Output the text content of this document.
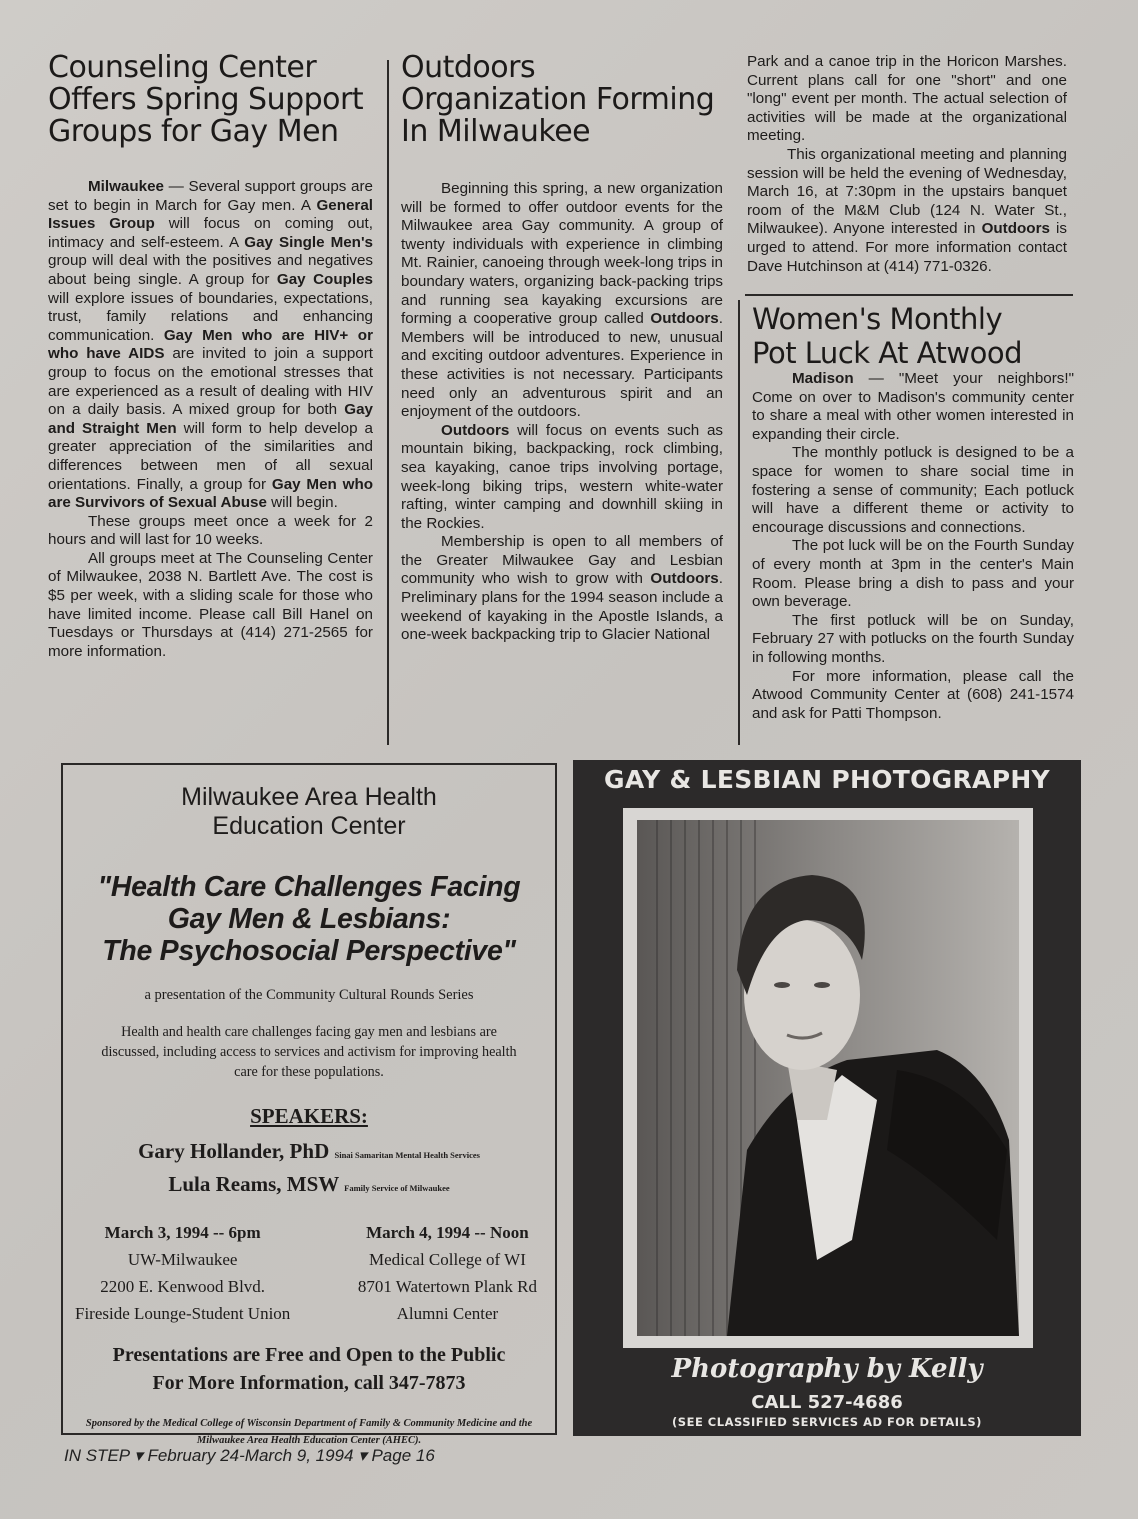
Counseling Center
Offers Spring Support
Groups for Gay Men

Milwaukee — Several support groups are set to begin in March for Gay men. A General Issues Group will focus on coming out, intimacy and self-esteem. A Gay Single Men's group will deal with the positives and negatives about being single. A group for Gay Couples will explore issues of boundaries, expectations, trust, family relations and enhancing communication. Gay Men who are HIV+ or who have AIDS are invited to join a support group to focus on the emotional stresses that are experienced as a result of dealing with HIV on a daily basis. A mixed group for both Gay and Straight Men will form to help develop a greater appreciation of the similarities and differences between men of all sexual orientations. Finally, a group for Gay Men who are Survivors of Sexual Abuse will begin.

These groups meet once a week for 2 hours and will last for 10 weeks.

All groups meet at The Counseling Center of Milwaukee, 2038 N. Bartlett Ave. The cost is $5 per week, with a sliding scale for those who have limited income. Please call Bill Hanel on Tuesdays or Thursdays at (414) 271-2565 for more information.

Outdoors
Organization Forming
In Milwaukee

Beginning this spring, a new organization will be formed to offer outdoor events for the Milwaukee area Gay community. A group of twenty individuals with experience in climbing Mt. Rainier, canoeing through week-long trips in boundary waters, organizing back-packing trips and running sea kayaking excursions are forming a cooperative group called Outdoors. Members will be introduced to new, unusual and exciting outdoor adventures. Experience in these activities is not necessary. Participants need only an adventurous spirit and an enjoyment of the outdoors.

Outdoors will focus on events such as mountain biking, backpacking, rock climbing, sea kayaking, canoe trips involving portage, week-long biking trips, western white-water rafting, winter camping and downhill skiing in the Rockies.

Membership is open to all members of the Greater Milwaukee Gay and Lesbian community who wish to grow with Outdoors. Preliminary plans for the 1994 season include a weekend of kayaking in the Apostle Islands, a one-week backpacking trip to Glacier National

Park and a canoe trip in the Horicon Marshes. Current plans call for one "short" and one "long" event per month. The actual selection of activities will be made at the organizational meeting.

This organizational meeting and planning session will be held the evening of Wednesday, March 16, at 7:30pm in the upstairs banquet room of the M&M Club (124 N. Water St., Milwaukee). Anyone interested in Outdoors is urged to attend. For more information contact Dave Hutchinson at (414) 771-0326.

Women's Monthly
Pot Luck At Atwood

Madison — "Meet your neighbors!" Come on over to Madison's community center to share a meal with other women interested in expanding their circle.

The monthly potluck is designed to be a space for women to share social time in fostering a sense of community; Each potluck will have a different theme or activity to encourage discussions and connections.

The pot luck will be on the Fourth Sunday of every month at 3pm in the center's Main Room. Please bring a dish to pass and your own beverage.

The first potluck will be on Sunday, February 27 with potlucks on the fourth Sunday in following months.

For more information, please call the Atwood Community Center at (608) 241-1574 and ask for Patti Thompson.

Milwaukee Area Health
Education Center
"Health Care Challenges Facing
Gay Men & Lesbians:
The Psychosocial Perspective"
a presentation of the Community Cultural Rounds Series
Health and health care challenges facing gay men and lesbians are discussed, including access to services and activism for improving health care for these populations.
SPEAKERS:
Gary Hollander, PhD Sinai Samaritan Mental Health Services
Lula Reams, MSW Family Service of Milwaukee
March 3, 1994 -- 6pm
UW-Milwaukee
2200 E. Kenwood Blvd.
Fireside Lounge-Student Union
March 4, 1994 -- Noon
Medical College of WI
8701 Watertown Plank Rd
Alumni Center
Presentations are Free and Open to the Public
For More Information, call 347-7873
Sponsored by the Medical College of Wisconsin Department of Family & Community Medicine and the Milwaukee Area Health Education Center (AHEC).
GAY & LESBIAN PHOTOGRAPHY
Photography by Kelly
CALL 527-4686
(SEE CLASSIFIED SERVICES AD FOR DETAILS)
IN STEP ▾ February 24-March 9, 1994 ▾ Page 16
